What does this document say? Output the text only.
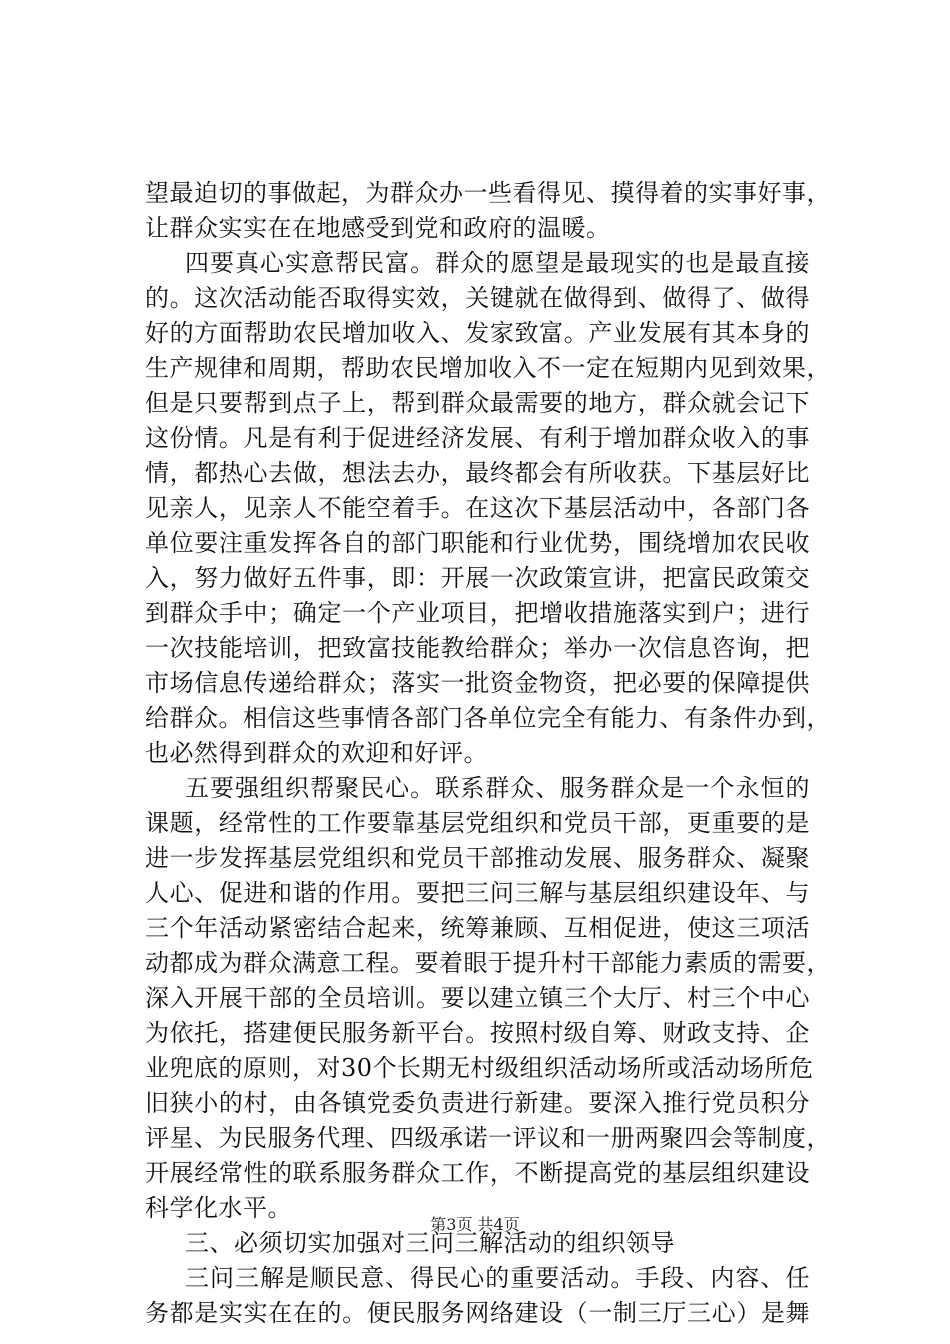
望最迫切的事做起，为群众办一些看得见、摸得着的实事好事，
让群众实实在在地感受到党和政府的温暖。
四要真心实意帮民富。群众的愿望是最现实的也是最直接
的。这次活动能否取得实效，关键就在做得到、做得了、做得
好的方面帮助农民增加收入、发家致富。产业发展有其本身的
生产规律和周期，帮助农民增加收入不一定在短期内见到效果，
但是只要帮到点子上，帮到群众最需要的地方，群众就会记下
这份情。凡是有利于促进经济发展、有利于增加群众收入的事
情，都热心去做，想法去办，最终都会有所收获。下基层好比
见亲人，见亲人不能空着手。在这次下基层活动中，各部门各
单位要注重发挥各自的部门职能和行业优势，围绕增加农民收
入，努力做好五件事，即：开展一次政策宣讲，把富民政策交
到群众手中；确定一个产业项目，把增收措施落实到户；进行
一次技能培训，把致富技能教给群众；举办一次信息咨询，把
市场信息传递给群众；落实一批资金物资，把必要的保障提供
给群众。相信这些事情各部门各单位完全有能力、有条件办到，
也必然得到群众的欢迎和好评。
五要强组织帮聚民心。联系群众、服务群众是一个永恒的
课题，经常性的工作要靠基层党组织和党员干部，更重要的是
进一步发挥基层党组织和党员干部推动发展、服务群众、凝聚
人心、促进和谐的作用。要把三问三解与基层组织建设年、与
三个年活动紧密结合起来，统筹兼顾、互相促进，使这三项活
动都成为群众满意工程。要着眼于提升村干部能力素质的需要，
深入开展干部的全员培训。要以建立镇三个大厅、村三个中心
为依托，搭建便民服务新平台。按照村级自筹、财政支持、企
业兜底的原则，对30个长期无村级组织活动场所或活动场所危
旧狭小的村，由各镇党委负责进行新建。要深入推行党员积分
评星、为民服务代理、四级承诺一评议和一册两聚四会等制度，
开展经常性的联系服务群众工作，不断提高党的基层组织建设
科学化水平。
三、必须切实加强对三问三解活动的组织领导
三问三解是顺民意、得民心的重要活动。手段、内容、任
务都是实实在在的。便民服务网络建设（一制三厅三心）是舞
第3页 共4页
